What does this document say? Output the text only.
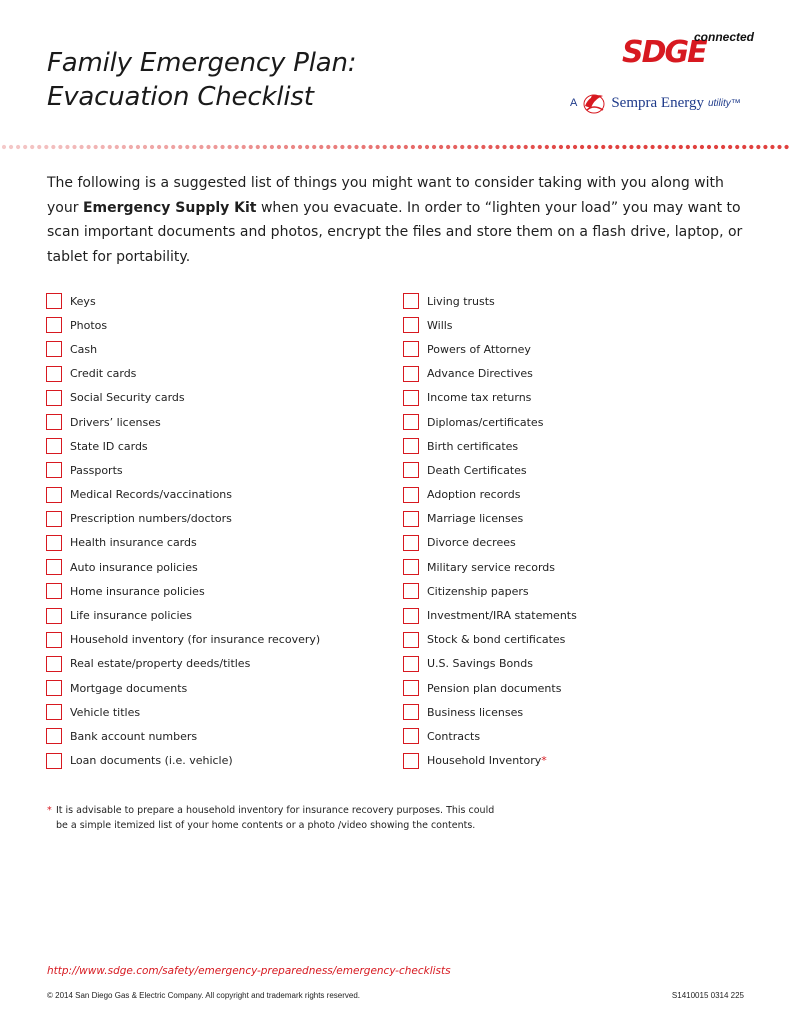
Family Emergency Plan:
Evacuation Checklist
SDGE
connected
A Sempra Energy utility™

The following is a suggested list of things you might want to consider taking with you along with your Emergency Supply Kit when you evacuate. In order to “lighten your load” you may want to scan important documents and photos, encrypt the files and store them on a flash drive, laptop, or tablet for portability.

Keys
Photos
Cash
Credit cards
Social Security cards
Drivers’ licenses
State ID cards
Passports
Medical Records/vaccinations
Prescription numbers/doctors
Health insurance cards
Auto insurance policies
Home insurance policies
Life insurance policies
Household inventory (for insurance recovery)
Real estate/property deeds/titles
Mortgage documents
Vehicle titles
Bank account numbers
Loan documents (i.e. vehicle)
Living trusts
Wills
Powers of Attorney
Advance Directives
Income tax returns
Diplomas/certificates
Birth certificates
Death Certificates
Adoption records
Marriage licenses
Divorce decrees
Military service records
Citizenship papers
Investment/IRA statements
Stock & bond certificates
U.S. Savings Bonds
Pension plan documents
Business licenses
Contracts
Household Inventory *
* It is advisable to prepare a household inventory for insurance recovery purposes. This could be a simple itemized list of your home contents or a photo /video showing the contents.
http://www.sdge.com/safety/emergency-preparedness/emergency-checklists
© 2014 San Diego Gas & Electric Company. All copyright and trademark rights reserved.	S1410015 0314 225
